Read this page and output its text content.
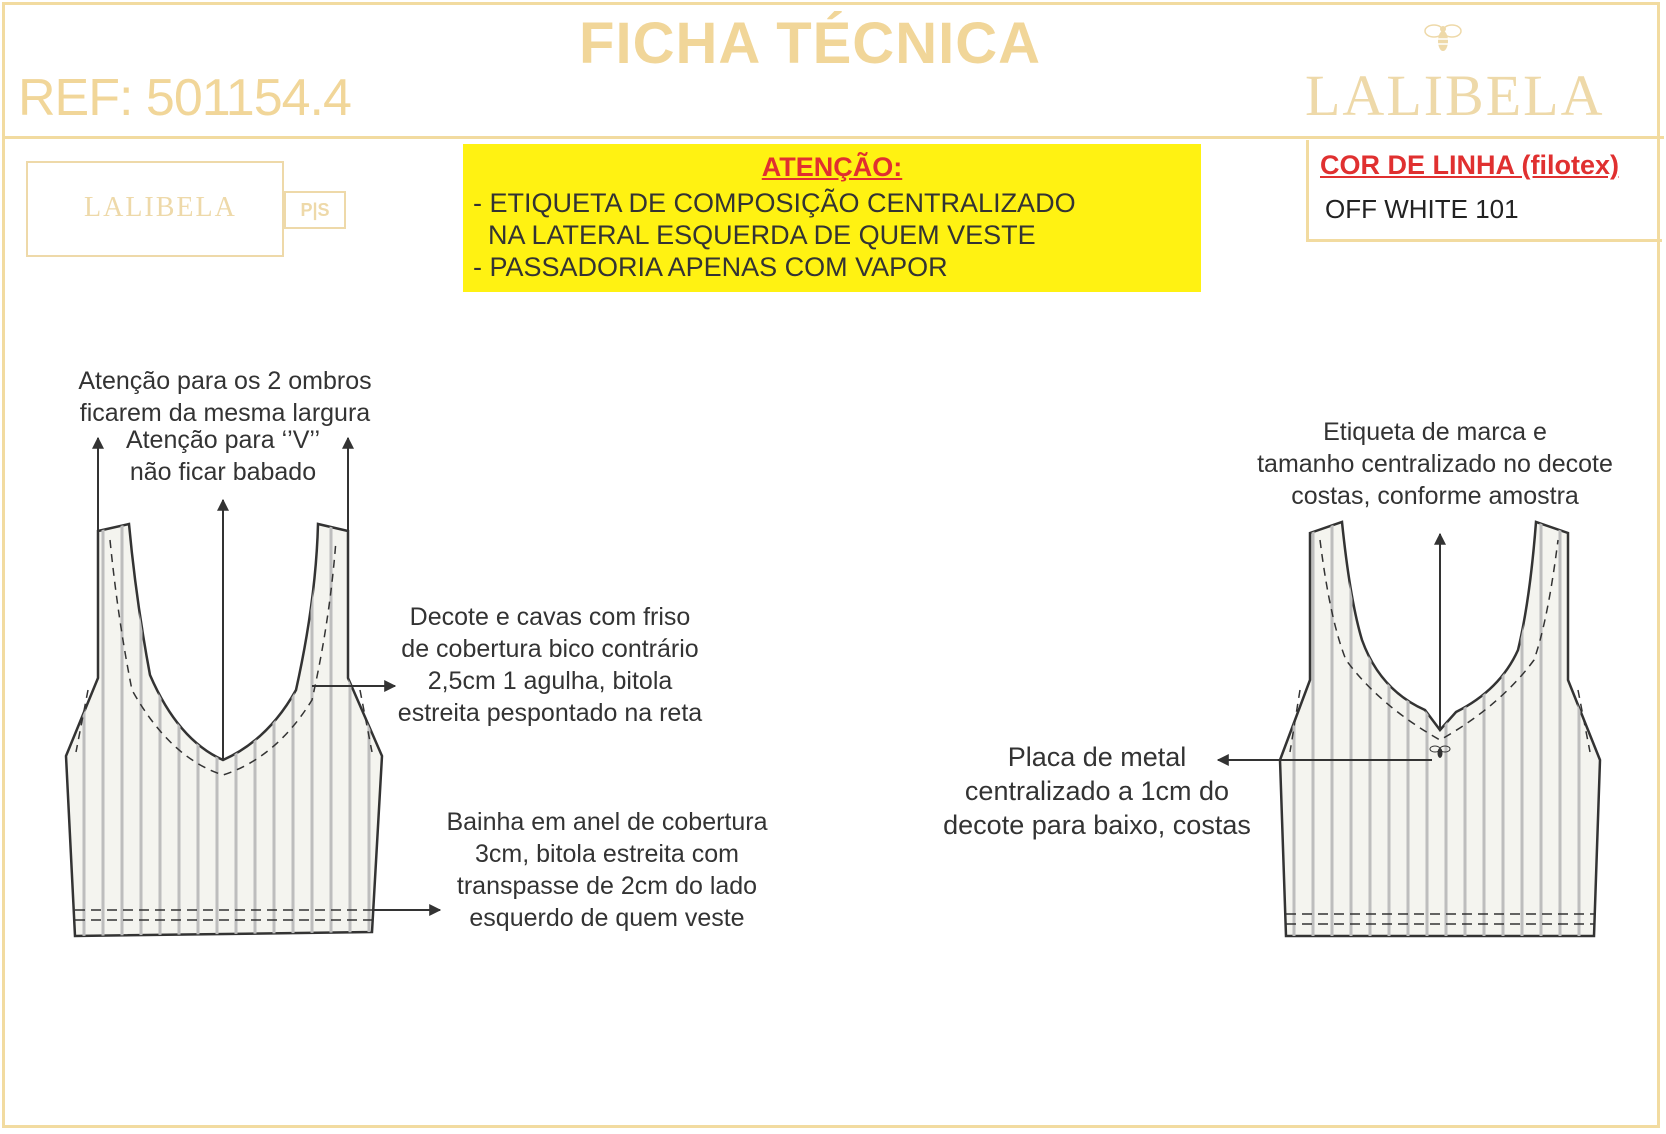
FICHA TÉCNICA
REF: 501154.4	LALIBELA
LALIBELA	P|S
ATENÇÃO:
- ETIQUETA DE COMPOSIÇÃO CENTRALIZADO
NA LATERAL ESQUERDA DE QUEM VESTE
- PASSADORIA APENAS COM VAPOR
COR DE LINHA (filotex)
OFF WHITE 101
Atenção para os 2 ombros
ficarem da mesma largura
Atenção para ‘’V’’
não ficar babado
Decote e cavas com friso
de cobertura bico contrário
2,5cm 1 agulha, bitola
estreita pespontado na reta
Bainha em anel de cobertura
3cm, bitola estreita com
transpasse de 2cm do lado
esquerdo de quem veste
Etiqueta de marca e
tamanho centralizado no decote
costas, conforme amostra
Placa de metal
centralizado a 1cm do
decote para baixo, costas
